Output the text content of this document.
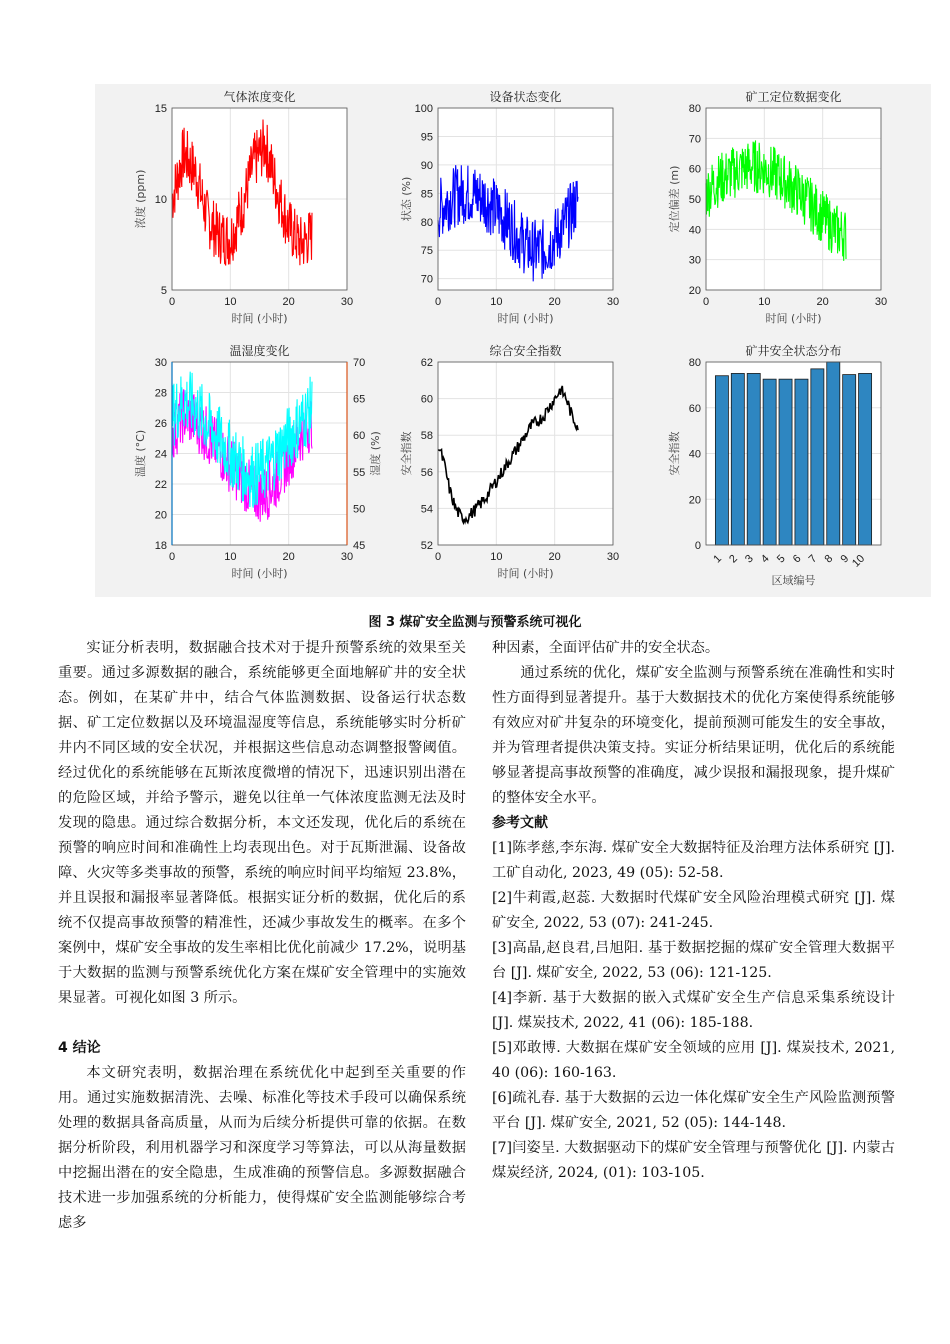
气体浓度变化
0	10	20	30
5
10
15
时间 (小时)
浓度 (ppm)
设备状态变化
0	10	20	30
70
75
80
85
90
95
100
时间 (小时)
状态 (%)
矿工定位数据变化
0	10	20	30
20
30
40
50
60
70
80
时间 (小时)
定位偏差 (m)
温湿度变化
0	10	20	30
18
20
22
24
26
28
30
45
50
55
60
65
70
时间 (小时)
温度 (°C)	湿度 (%)
综合安全指数
0	10	20	30
52
54
56
58
60
62
时间 (小时)
安全指数
矿井安全状态分布
0
20
40
60
80
1 2 3 4 5 6 7 8 9
10
区域编号
安全指数
图 3 煤矿安全监测与预警系统可视化

实证分析表明，数据融合技术对于提升预警系统的效果至关重要。通过多源数据的融合，系统能够更全面地解矿井的安全状态。例如，在某矿井中，结合气体监测数据、设备运行状态数据、矿工定位数据以及环境温湿度等信息，系统能够实时分析矿井内不同区域的安全状况，并根据这些信息动态调整报警阈值。经过优化的系统能够在瓦斯浓度微增的情况下，迅速识别出潜在的危险区域，并给予警示，避免以往单一气体浓度监测无法及时发现的隐患。通过综合数据分析，本文还发现，优化后的系统在预警的响应时间和准确性上均表现出色。对于瓦斯泄漏、设备故障、火灾等多类事故的预警，系统的响应时间平均缩短 23.8%，并且误报和漏报率显著降低。根据实证分析的数据，优化后的系统不仅提高事故预警的精准性，还减少事故发生的概率。在多个案例中，煤矿安全事故的发生率相比优化前减少 17.2%，说明基于大数据的监测与预警系统优化方案在煤矿安全管理中的实施效果显著。可视化如图 3 所示。

4 结论

本文研究表明，数据治理在系统优化中起到至关重要的作用。通过实施数据清洗、去噪、标准化等技术手段可以确保系统处理的数据具备高质量，从而为后续分析提供可靠的依据。在数据分析阶段，利用机器学习和深度学习等算法，可以从海量数据中挖掘出潜在的安全隐患，生成准确的预警信息。多源数据融合技术进一步加强系统的分析能力，使得煤矿安全监测能够综合考虑多

种因素，全面评估矿井的安全状态。

通过系统的优化，煤矿安全监测与预警系统在准确性和实时性方面得到显著提升。基于大数据技术的优化方案使得系统能够有效应对矿井复杂的环境变化，提前预测可能发生的安全事故，并为管理者提供决策支持。实证分析结果证明，优化后的系统能够显著提高事故预警的准确度，减少误报和漏报现象，提升煤矿的整体安全水平。

参考文献

[1]陈孝慈,李东海. 煤矿安全大数据特征及治理方法体系研究 [J]. 工矿自动化, 2023, 49 (05): 52-58.

[2]牛莉霞,赵蕊. 大数据时代煤矿安全风险治理模式研究 [J]. 煤矿安全, 2022, 53 (07): 241-245.

[3]高晶,赵良君,吕旭阳. 基于数据挖掘的煤矿安全管理大数据平台 [J]. 煤矿安全, 2022, 53 (06): 121-125.

[4]李新. 基于大数据的嵌入式煤矿安全生产信息采集系统设计 [J]. 煤炭技术, 2022, 41 (06): 185-188.

[5]邓敢博. 大数据在煤矿安全领域的应用 [J]. 煤炭技术, 2021, 40 (06): 160-163.

[6]疏礼春. 基于大数据的云边一体化煤矿安全生产风险监测预警平台 [J]. 煤矿安全, 2021, 52 (05): 144-148.

[7]闫姿呈. 大数据驱动下的煤矿安全管理与预警优化 [J]. 内蒙古煤炭经济, 2024, (01): 103-105.
